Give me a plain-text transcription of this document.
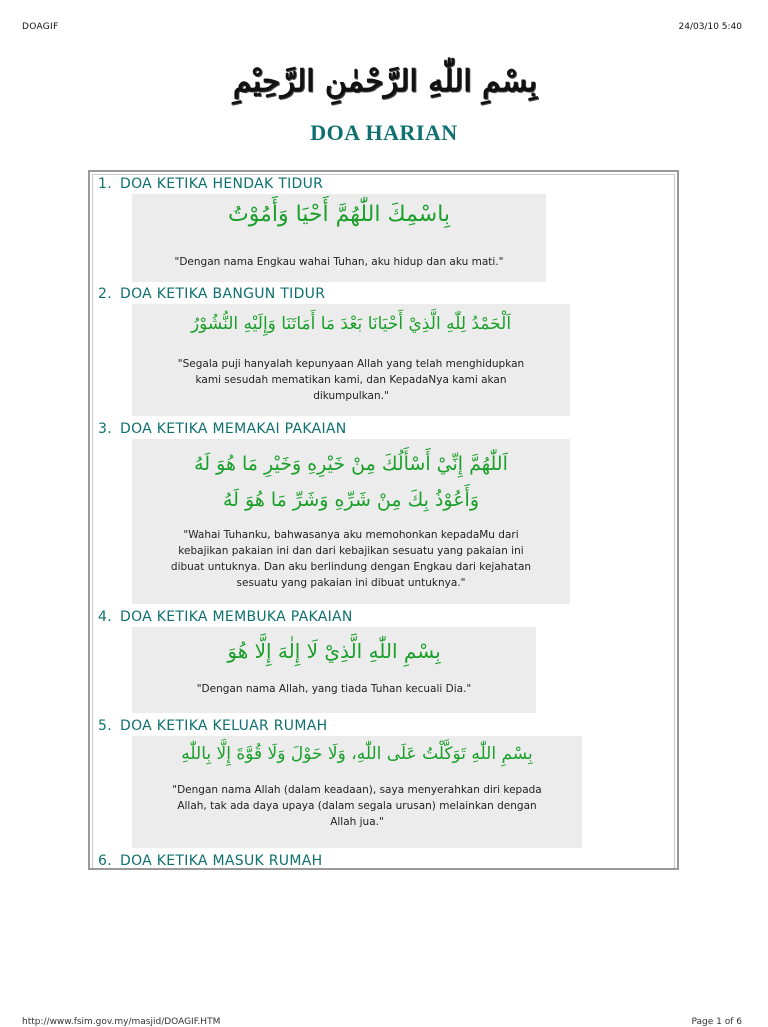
DOAGIF	24/03/10 5:40
بِسْمِ اللّٰهِ الرَّحْمٰنِ الرَّحِيْمِ
DOA HARIAN
1. DOA KETIKA HENDAK TIDUR
بِاسْمِكَ اللّٰهُمَّ أَحْيَا وَأَمُوْتُ
"Dengan nama Engkau wahai Tuhan, aku hidup dan aku mati."
2. DOA KETIKA BANGUN TIDUR
اَلْحَمْدُ لِلّٰهِ الَّذِيْ أَحْيَانَا بَعْدَ مَا أَمَاتَنَا وَإِلَيْهِ النُّشُوْرُ
"Segala puji hanyalah kepunyaan Allah yang telah menghidupkan
kami sesudah mematikan kami, dan KepadaNya kami akan
dikumpulkan."
3. DOA KETIKA MEMAKAI PAKAIAN
اَللّٰهُمَّ إِنِّيْ أَسْأَلُكَ مِنْ خَيْرِهِ وَخَيْرِ مَا هُوَ لَهُ
وَأَعُوْذُ بِكَ مِنْ شَرِّهِ وَشَرِّ مَا هُوَ لَهُ
"Wahai Tuhanku, bahwasanya aku memohonkan kepadaMu dari
kebajikan pakaian ini dan dari kebajikan sesuatu yang pakaian ini
dibuat untuknya. Dan aku berlindung dengan Engkau dari kejahatan
sesuatu yang pakaian ini dibuat untuknya."
4. DOA KETIKA MEMBUKA PAKAIAN
بِسْمِ اللّٰهِ الَّذِيْ لَا إِلٰهَ إِلَّا هُوَ
"Dengan nama Allah, yang tiada Tuhan kecuali Dia."
5. DOA KETIKA KELUAR RUMAH
بِسْمِ اللّٰهِ تَوَكَّلْتُ عَلَى اللّٰهِ، وَلَا حَوْلَ وَلَا قُوَّةَ إِلَّا بِاللّٰهِ
"Dengan nama Allah (dalam keadaan), saya menyerahkan diri kepada
Allah, tak ada daya upaya (dalam segala urusan) melainkan dengan
Allah jua."
6. DOA KETIKA MASUK RUMAH
http://www.fsim.gov.my/masjid/DOAGIF.HTM	Page 1 of 6
